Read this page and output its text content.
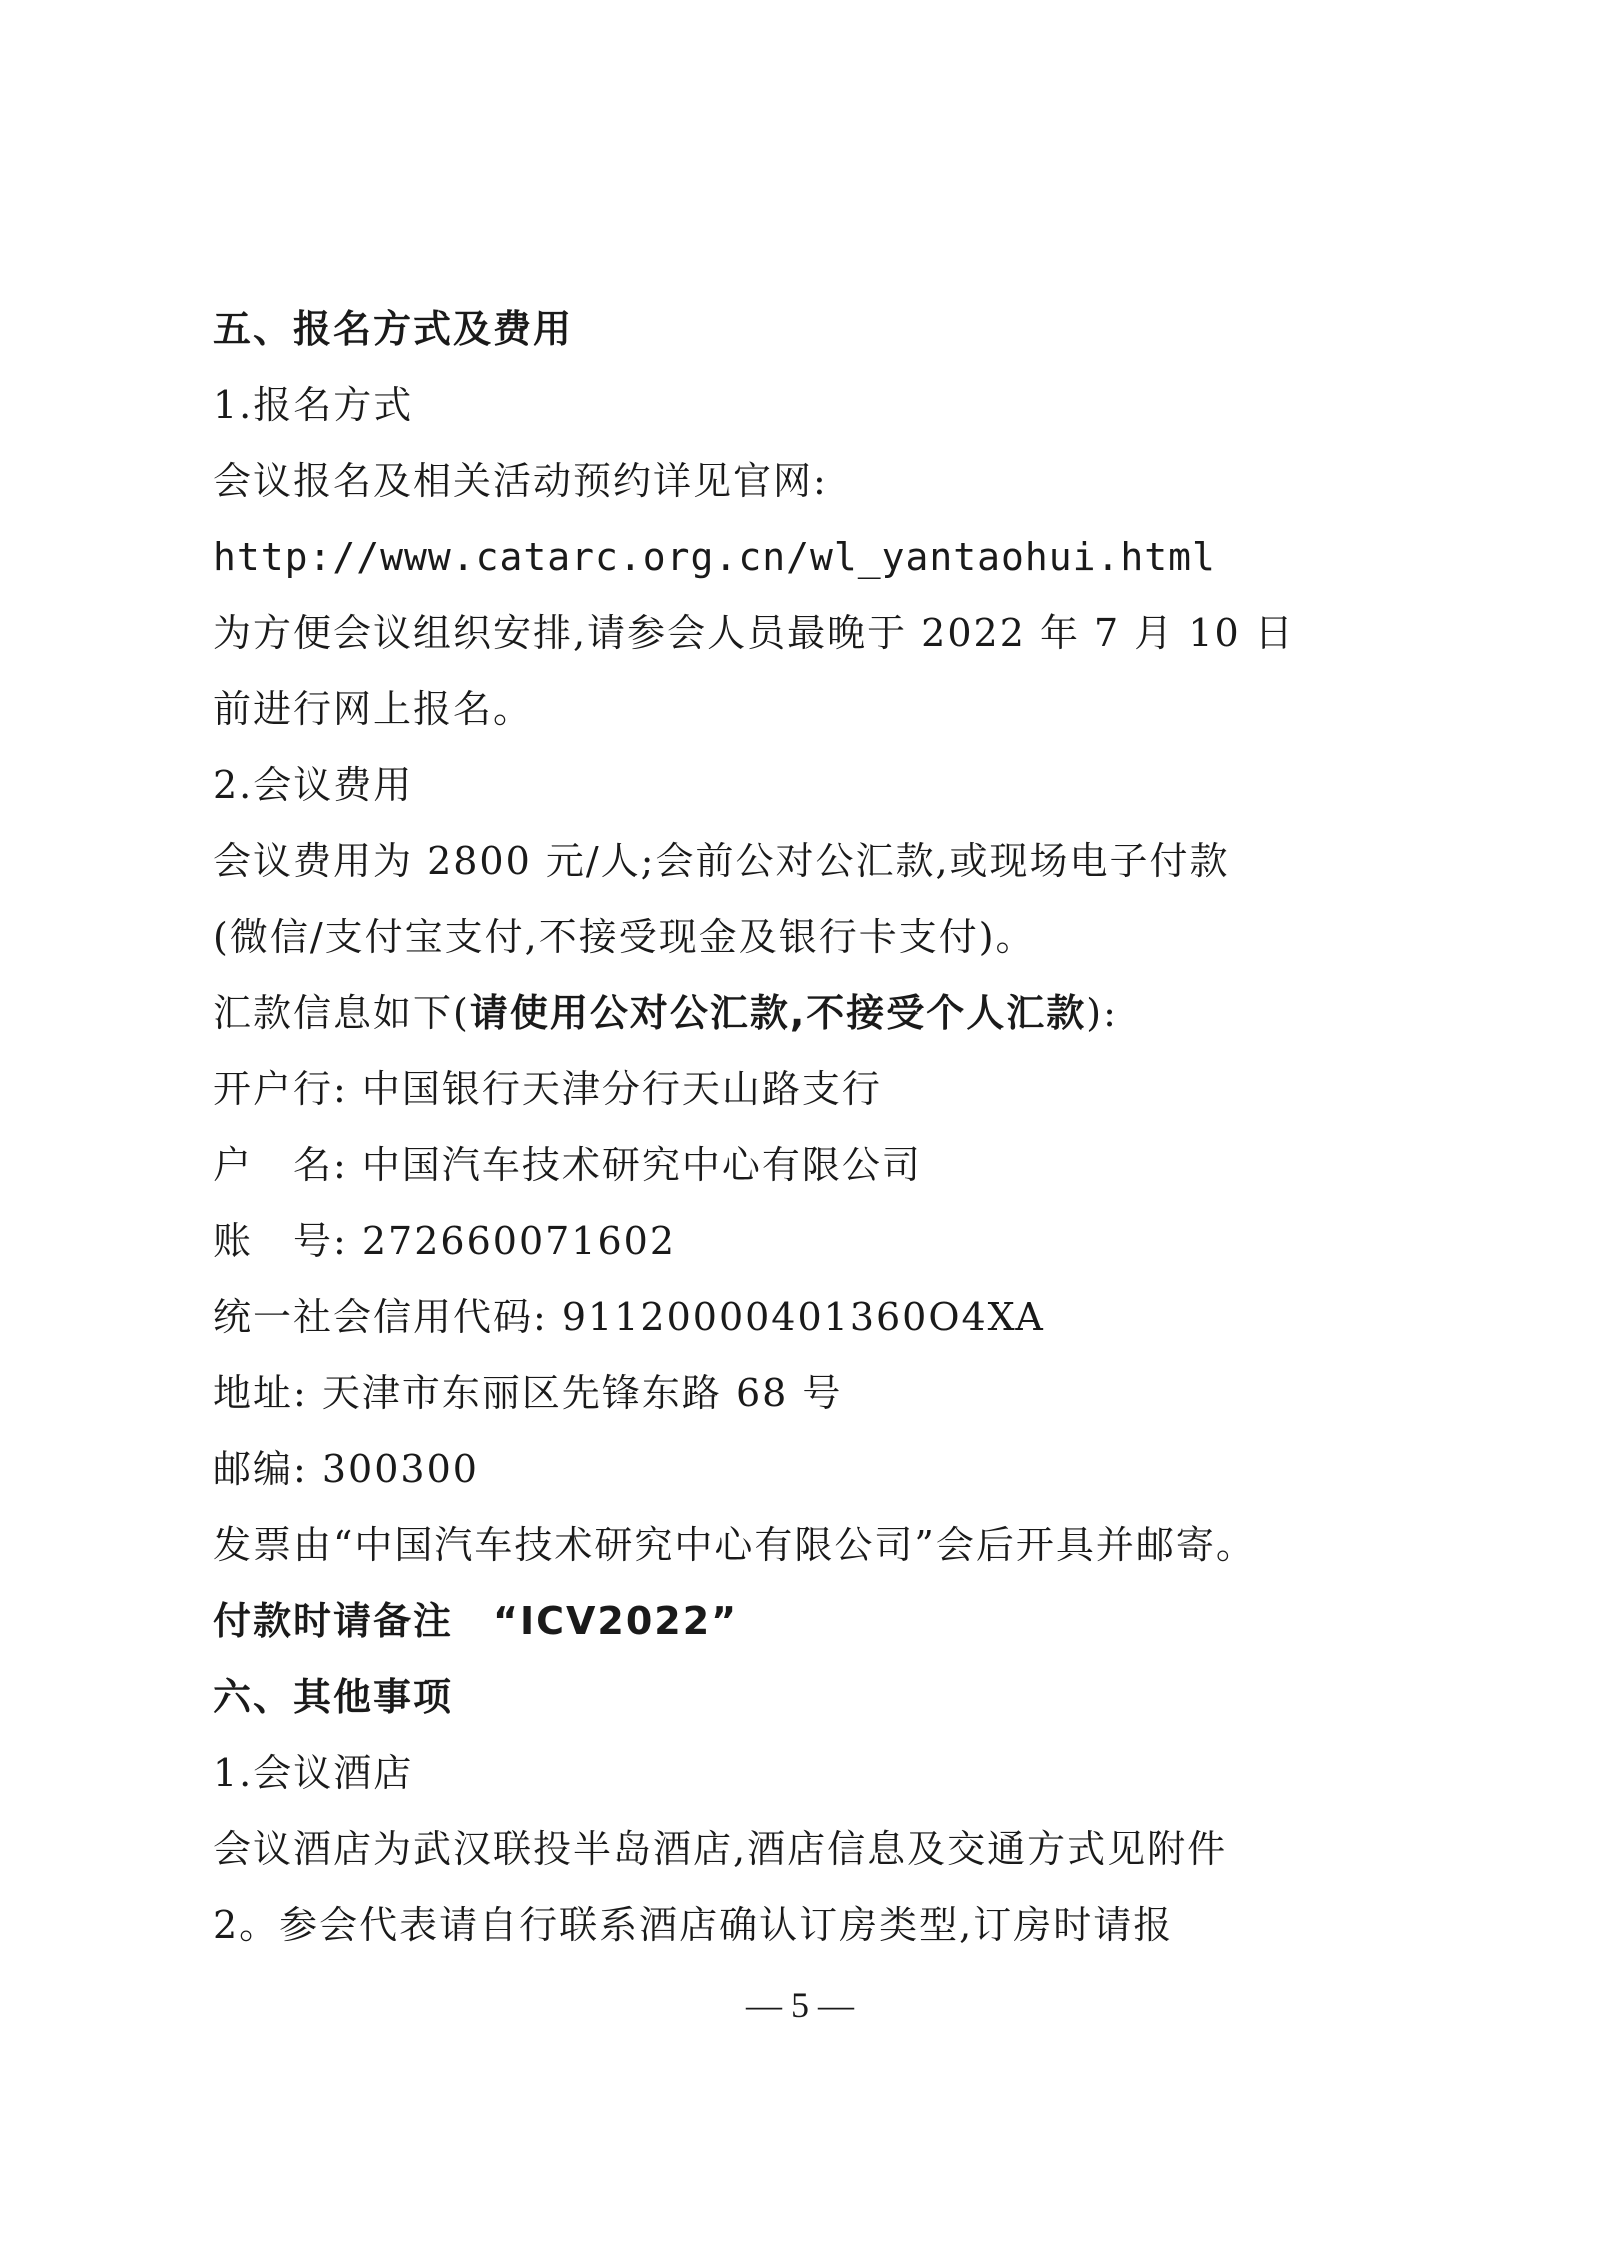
五、报名方式及费用
1.报名方式
会议报名及相关活动预约详见官网:
http://www.catarc.org.cn/wl_yantaohui.html
为方便会议组织安排,请参会人员最晚于 2022 年 7 月 10 日
前进行网上报名。
2.会议费用
会议费用为 2800 元/人;会前公对公汇款,或现场电子付款
(微信/支付宝支付,不接受现金及银行卡支付)。
汇款信息如下(请使用公对公汇款,不接受个人汇款):
开户行: 中国银行天津分行天山路支行
户　名: 中国汽车技术研究中心有限公司
账　号: 272660071602
统一社会信用代码: 91120000401360O4XA
地址: 天津市东丽区先锋东路 68 号
邮编: 300300
发票由“中国汽车技术研究中心有限公司”会后开具并邮寄。
付款时请备注　“ICV2022”
六、其他事项
1.会议酒店
会议酒店为武汉联投半岛酒店,酒店信息及交通方式见附件
2。参会代表请自行联系酒店确认订房类型,订房时请报
— 5 —
